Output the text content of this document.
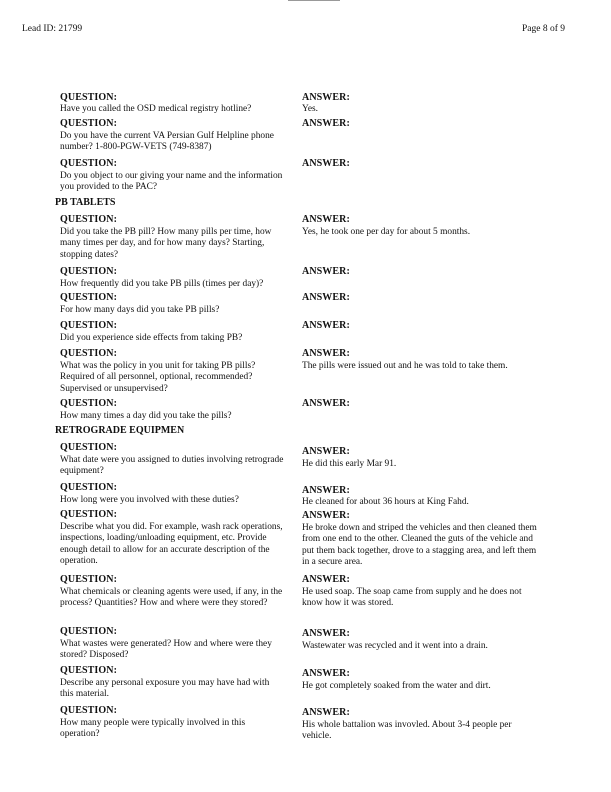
Lead ID: 21799	Page 8 of 9
QUESTION:
Have you called the OSD medical registry hotline?
ANSWER:
Yes.
QUESTION:
Do you have the current VA Persian Gulf Helpline phone number? 1-800-PGW-VETS (749-8387)
ANSWER:
QUESTION:
Do you object to our giving your name and the information you provided to the PAC?
ANSWER:
PB TABLETS
QUESTION:
Did you take the PB pill? How many pills per time, how many times per day, and for how many days? Starting, stopping dates?
ANSWER:
Yes, he took one per day for about 5 months.
QUESTION:
How frequently did you take PB pills (times per day)?
ANSWER:
QUESTION:
For how many days did you take PB pills?
ANSWER:
QUESTION:
Did you experience side effects from taking PB?
ANSWER:
QUESTION:
What was the policy in you unit for taking PB pills? Required of all personnel, optional, recommended? Supervised or unsupervised?
ANSWER:
The pills were issued out and he was told to take them.
QUESTION:
How many times a day did you take the pills?
ANSWER:
RETROGRADE EQUIPMEN
QUESTION:
What date were you assigned to duties involving retrograde equipment?
ANSWER:
He did this early Mar 91.
QUESTION:
How long were you involved with these duties?
ANSWER:
He cleaned for about 36 hours at King Fahd.
QUESTION:
Describe what you did. For example, wash rack operations, inspections, loading/unloading equipment, etc. Provide enough detail to allow for an accurate description of the operation.
ANSWER:
He broke down and striped the vehicles and then cleaned them from one end to the other. Cleaned the guts of the vehicle and put them back together, drove to a stagging area, and left them in a secure area.
QUESTION:
What chemicals or cleaning agents were used, if any, in the process? Quantities? How and where were they stored?
ANSWER:
He used soap. The soap came from supply and he does not know how it was stored.
QUESTION:
What wastes were generated? How and where were they stored? Disposed?
ANSWER:
Wastewater was recycled and it went into a drain.
QUESTION:
Describe any personal exposure you may have had with this material.
ANSWER:
He got completely soaked from the water and dirt.
QUESTION:
How many people were typically involved in this operation?
ANSWER:
His whole battalion was invovled. About 3-4 people per vehicle.
